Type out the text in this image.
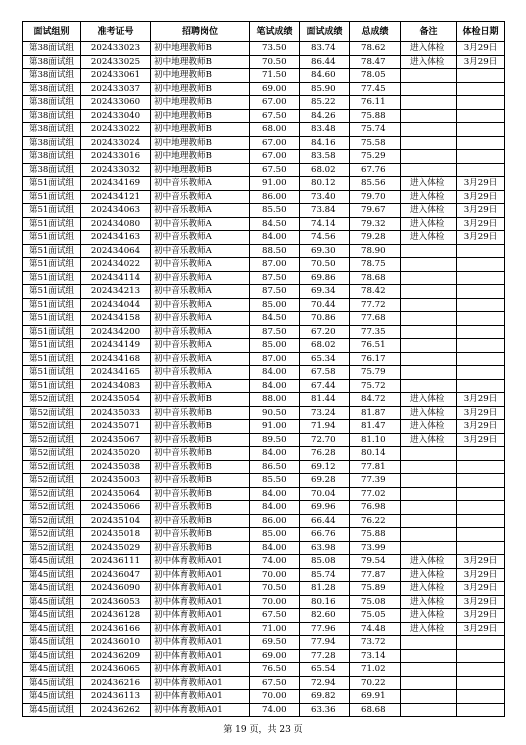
面试组别	准考证号	招聘岗位	笔试成绩	面试成绩	总成绩	备注	体检日期
第38面试组	202433023	初中地理教师B	73.50	83.74	78.62	进入体检	3月29日
第38面试组	202433025	初中地理教师B	70.50	86.44	78.47	进入体检	3月29日
第38面试组	202433061	初中地理教师B	71.50	84.60	78.05		
第38面试组	202433037	初中地理教师B	69.00	85.90	77.45		
第38面试组	202433060	初中地理教师B	67.00	85.22	76.11		
第38面试组	202433040	初中地理教师B	67.50	84.26	75.88		
第38面试组	202433022	初中地理教师B	68.00	83.48	75.74		
第38面试组	202433024	初中地理教师B	67.00	84.16	75.58		
第38面试组	202433016	初中地理教师B	67.00	83.58	75.29		
第38面试组	202433032	初中地理教师B	67.50	68.02	67.76		
第51面试组	202434169	初中音乐教师A	91.00	80.12	85.56	进入体检	3月29日
第51面试组	202434121	初中音乐教师A	86.00	73.40	79.70	进入体检	3月29日
第51面试组	202434063	初中音乐教师A	85.50	73.84	79.67	进入体检	3月29日
第51面试组	202434080	初中音乐教师A	84.50	74.14	79.32	进入体检	3月29日
第51面试组	202434163	初中音乐教师A	84.00	74.56	79.28	进入体检	3月29日
第51面试组	202434064	初中音乐教师A	88.50	69.30	78.90		
第51面试组	202434022	初中音乐教师A	87.00	70.50	78.75		
第51面试组	202434114	初中音乐教师A	87.50	69.86	78.68		
第51面试组	202434213	初中音乐教师A	87.50	69.34	78.42		
第51面试组	202434044	初中音乐教师A	85.00	70.44	77.72		
第51面试组	202434158	初中音乐教师A	84.50	70.86	77.68		
第51面试组	202434200	初中音乐教师A	87.50	67.20	77.35		
第51面试组	202434149	初中音乐教师A	85.00	68.02	76.51		
第51面试组	202434168	初中音乐教师A	87.00	65.34	76.17		
第51面试组	202434165	初中音乐教师A	84.00	67.58	75.79		
第51面试组	202434083	初中音乐教师A	84.00	67.44	75.72		
第52面试组	202435054	初中音乐教师B	88.00	81.44	84.72	进入体检	3月29日
第52面试组	202435033	初中音乐教师B	90.50	73.24	81.87	进入体检	3月29日
第52面试组	202435071	初中音乐教师B	91.00	71.94	81.47	进入体检	3月29日
第52面试组	202435067	初中音乐教师B	89.50	72.70	81.10	进入体检	3月29日
第52面试组	202435020	初中音乐教师B	84.00	76.28	80.14		
第52面试组	202435038	初中音乐教师B	86.50	69.12	77.81		
第52面试组	202435003	初中音乐教师B	85.50	69.28	77.39		
第52面试组	202435064	初中音乐教师B	84.00	70.04	77.02		
第52面试组	202435066	初中音乐教师B	84.00	69.96	76.98		
第52面试组	202435104	初中音乐教师B	86.00	66.44	76.22		
第52面试组	202435018	初中音乐教师B	85.00	66.76	75.88		
第52面试组	202435029	初中音乐教师B	84.00	63.98	73.99		
第45面试组	202436111	初中体育教师A01	74.00	85.08	79.54	进入体检	3月29日
第45面试组	202436047	初中体育教师A01	70.00	85.74	77.87	进入体检	3月29日
第45面试组	202436090	初中体育教师A01	70.50	81.28	75.89	进入体检	3月29日
第45面试组	202436053	初中体育教师A01	70.00	80.16	75.08	进入体检	3月29日
第45面试组	202436128	初中体育教师A01	67.50	82.60	75.05	进入体检	3月29日
第45面试组	202436166	初中体育教师A01	71.00	77.96	74.48	进入体检	3月29日
第45面试组	202436010	初中体育教师A01	69.50	77.94	73.72		
第45面试组	202436209	初中体育教师A01	69.00	77.28	73.14		
第45面试组	202436065	初中体育教师A01	76.50	65.54	71.02		
第45面试组	202436216	初中体育教师A01	67.50	72.94	70.22		
第45面试组	202436113	初中体育教师A01	70.00	69.82	69.91		
第45面试组	202436262	初中体育教师A01	74.00	63.36	68.68		
第 19 页，共 23 页
